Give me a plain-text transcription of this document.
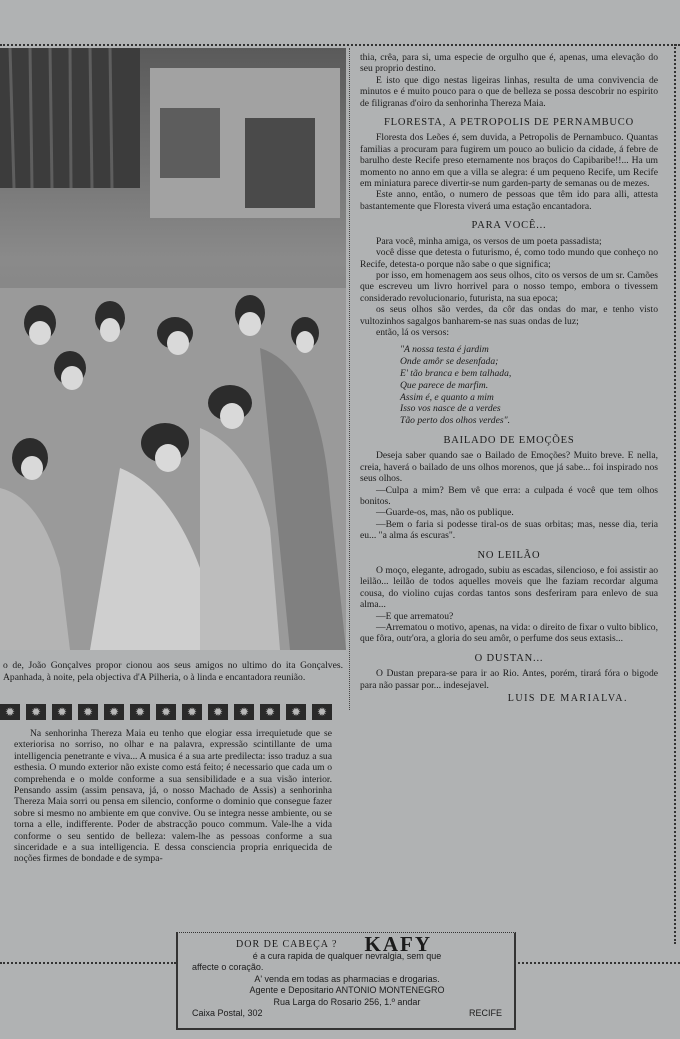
o de, João Gonçalves propor cionou aos seus amigos no ultimo do ita Gonçalves. Apanhada, à noite, pela objectiva d'A Pilheria, o à linda e encantadora reunião.
✹	✹	✹	✹	✹	✹	✹	✹	✹	✹	✹	✹	✹

Na senhorinha Thereza Maia eu tenho que elogiar essa irrequietude que se exteriorisa no sorriso, no olhar e na palavra, expressão scintillante de uma intelligencia penetrante e viva... A musica é a sua arte predilecta: isso traduz a sua esthesia. O mundo exterior não existe como está feito; é necessario que cada um o comprehenda e o molde conforme a sua sensibilidade e a sua visão interior. Pensando assim (assim pensava, já, o nosso Machado de Assis) a senhorinha Thereza Maia sorri ou pensa em silencio, conforme o dominio que consegue fazer sobre si mesmo no ambiente em que convive. Ou se integra nesse ambiente, ou se torna a elle, indifferente. Poder de abstracção pouco commum. Vale-lhe a vida conforme o seu sentido de belleza: valem-lhe as pessoas conforme a sua sinceridade e a sua intelligencia. E dessa consciencia propria enriquecida de noções firmes de bondade e de sympa-

thia, crêa, para si, uma especie de orgulho que é, apenas, uma elevação do seu proprio destino.

E isto que digo nestas ligeiras linhas, resulta de uma convivencia de minutos e é muito pouco para o que de belleza se possa descobrir no espirito de filigranas d'oiro da senhorinha Thereza Maia.

FLORESTA, A PETROPOLIS DE PERNAMBUCO

Floresta dos Leões é, sem duvida, a Petropolis de Pernambuco. Quantas familias a procuram para fugirem um pouco ao bulicio da cidade, á febre de barulho deste Recife preso eternamente nos braços do Capibaribe!!... Ha um momento no anno em que a villa se alegra: é um pequeno Recife, um Recife em miniatura parece divertir-se num garden-party de semanas ou de mezes.

Este anno, então, o numero de pessoas que têm ido para alli, attesta bastantemente que Floresta viverá uma estação encantadora.

PARA VOCÊ...

Para você, minha amiga, os versos de um poeta passadista;

você disse que detesta o futurismo, é, como todo mundo que conheço no Recife, detesta-o porque não sabe o que significa;

por isso, em homenagem aos seus olhos, cito os versos de um sr. Camões que escreveu um livro horrivel para o nosso tempo, embora o tivessem considerado revolucionario, futurista, na sua epoca;

os seus olhos são verdes, da côr das ondas do mar, e tenho visto vultozinhos sagalgos banharem-se nas suas ondas de luz;

então, lá os versos:

"A nossa testa é jardim
Onde amôr se desenfada;
E' tão branca e bem talhada,
Que parece de marfim.
Assim é, e quanto a mim
Isso vos nasce de a verdes
Tão perto dos olhos verdes".
BAILADO DE EMOÇÕES

Deseja saber quando sae o Bailado de Emoções? Muito breve. E nella, creia, haverá o bailado de uns olhos morenos, que já sabe... foi inspirado nos seus olhos.

—Culpa a mim? Bem vê que erra: a culpada é você que tem olhos bonitos.

—Guarde-os, mas, não os publique.

—Bem o faria si podesse tiral-os de suas orbitas; mas, nesse dia, teria eu... "a alma ás escuras".

NO LEILÃO

O moço, elegante, adrogado, subiu as escadas, silencioso, e foi assistir ao leilão... leilão de todos aquelles moveis que lhe faziam recordar alguma cousa, do violino cujas cordas tantos sons desferiram para enlevo de sua alma...

—E que arrematou?

—Arrematou o motivo, apenas, na vida: o direito de fixar o vulto biblico, que fôra, outr'ora, a gloria do seu amôr, o perfume dos seus extasis...

O DUSTAN...

O Dustan prepara-se para ir ao Rio. Antes, porém, tirará fóra o bigode para não passar por... indesejavel.

LUIS DE MARIALVA.
DOR DE CABEÇA ? KAFY
é a cura rapida de qualquer nevralgia, sem que
affecte o coração.
A' venda em todas as pharmacias e drogarias.
Agente e Depositario ANTONIO MONTENEGRO
Rua Larga do Rosario 256, 1.º andar
Caixa Postal, 302	RECIFE
